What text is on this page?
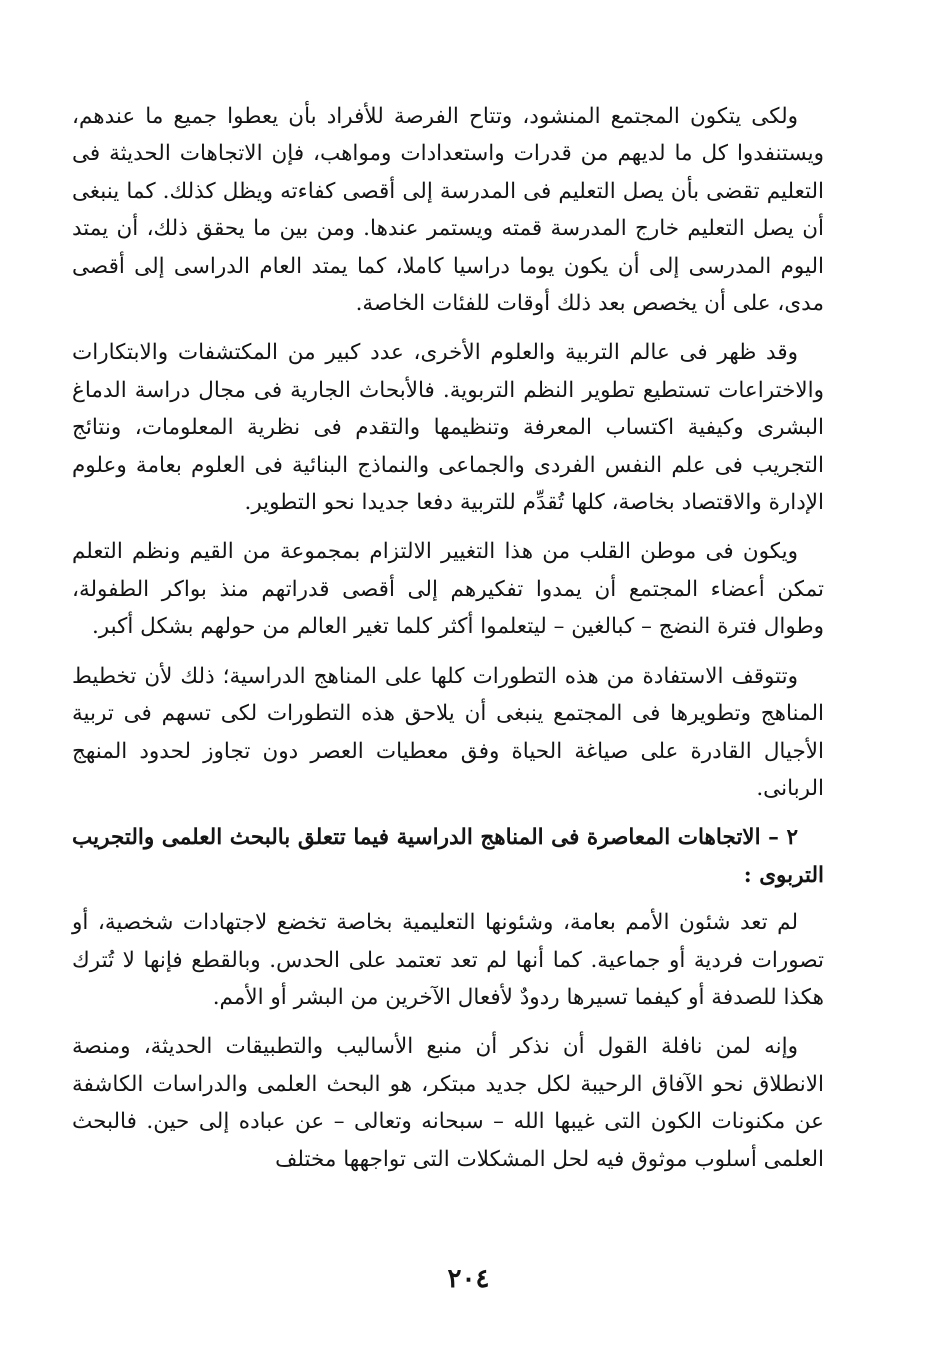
ولكى يتكون المجتمع المنشود، وتتاح الفرصة للأفراد بأن يعطوا جميع ما عندهم، ويستنفدوا كل ما لديهم من قدرات واستعدادات ومواهب، فإن الاتجاهات الحديثة فى التعليم تقضى بأن يصل التعليم فى المدرسة إلى أقصى كفاءته ويظل كذلك. كما ينبغى أن يصل التعليم خارج المدرسة قمته ويستمر عندها. ومن بين ما يحقق ذلك، أن يمتد اليوم المدرسى إلى أن يكون يوما دراسيا كاملا، كما يمتد العام الدراسى إلى أقصى مدى، على أن يخصص بعد ذلك أوقات للفئات الخاصة.

وقد ظهر فى عالم التربية والعلوم الأخرى، عدد كبير من المكتشفات والابتكارات والاختراعات تستطيع تطوير النظم التربوية. فالأبحاث الجارية فى مجال دراسة الدماغ البشرى وكيفية اكتساب المعرفة وتنظيمها والتقدم فى نظرية المعلومات، ونتائج التجريب فى علم النفس الفردى والجماعى والنماذج البنائية فى العلوم بعامة وعلوم الإدارة والاقتصاد بخاصة، كلها تُقدِّم للتربية دفعا جديدا نحو التطوير.

ويكون فى موطن القلب من هذا التغيير الالتزام بمجموعة من القيم ونظم التعلم تمكن أعضاء المجتمع أن يمدوا تفكيرهم إلى أقصى قدراتهم منذ بواكر الطفولة، وطوال فترة النضج – كبالغين – ليتعلموا أكثر كلما تغير العالم من حولهم بشكل أكبر.

وتتوقف الاستفادة من هذه التطورات كلها على المناهج الدراسية؛ ذلك لأن تخطيط المناهج وتطويرها فى المجتمع ينبغى أن يلاحق هذه التطورات لكى تسهم فى تربية الأجيال القادرة على صياغة الحياة وفق معطيات العصر دون تجاوز لحدود المنهج الربانى.

٢ – الاتجاهات المعاصرة فى المناهج الدراسية فيما تتعلق بالبحث العلمى والتجريب التربوى :

لم تعد شئون الأمم بعامة، وشئونها التعليمية بخاصة تخضع لاجتهادات شخصية، أو تصورات فردية أو جماعية. كما أنها لم تعد تعتمد على الحدس. وبالقطع فإنها لا تُترك هكذا للصدفة أو كيفما تسيرها ردودٌ لأفعال الآخرين من البشر أو الأمم.

وإنه لمن نافلة القول أن نذكر أن منبع الأساليب والتطبيقات الحديثة، ومنصة الانطلاق نحو الآفاق الرحيبة لكل جديد مبتكر، هو البحث العلمى والدراسات الكاشفة عن مكنونات الكون التى غيبها الله – سبحانه وتعالى – عن عباده إلى حين. فالبحث العلمى أسلوب موثوق فيه لحل المشكلات التى تواجهها مختلف

٢٠٤
